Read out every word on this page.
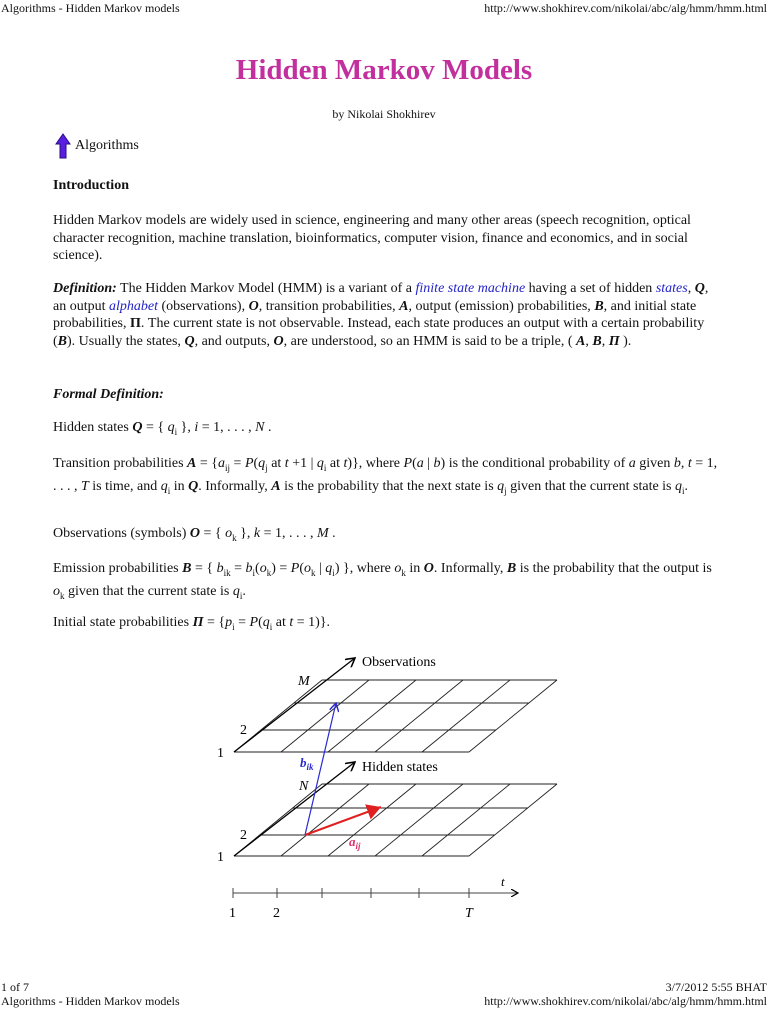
Algorithms - Hidden Markov models	http://www.shokhirev.com/nikolai/abc/alg/hmm/hmm.html
Hidden Markov Models
by Nikolai Shokhirev
Algorithms
Introduction
Hidden Markov models are widely used in science, engineering and many other areas (speech recognition, optical character recognition, machine translation, bioinformatics, computer vision, finance and economics, and in social science).
Definition: The Hidden Markov Model (HMM) is a variant of a finite state machine having a set of hidden states, Q, an output alphabet (observations), O, transition probabilities, A, output (emission) probabilities, B, and initial state probabilities, Π. The current state is not observable. Instead, each state produces an output with a certain probability (B). Usually the states, Q, and outputs, O, are understood, so an HMM is said to be a triple, ( A, B, Π ).
Formal Definition:
Hidden states Q = { $q_i$ }, i = 1, . . . , N .
Transition probabilities $A = \{a_{ij} = P(q_j$ at t +1 | $q_i$ at t)}, where P(a | b) is the conditional probability of a given b, t = 1, . . . , T is time, and $q_i$ in Q. Informally, A is the probability that the next state is $q_j$ given that the current state is $q_i$.
Observations (symbols) O = { $o_k$ }, k = 1, . . . , M .
Emission probabilities B = { $b_{ik} = b_i(o_k) = P(o_k$ | $q_i$) }, where $o_k$ in O. Informally, B is the probability that the output is $o_k$ given that the current state is $q_i$.
Initial state probabilities $\Pi = \{p_i = P(q_i$ at t = 1)}.
Observations
Hidden states
M
2
1
N
2
1
$b_{ik}$
$a_{ij}$
t
1	2	T
1 of 7	3/7/2012 5:55 BHAT
Algorithms - Hidden Markov models	http://www.shokhirev.com/nikolai/abc/alg/hmm/hmm.html
